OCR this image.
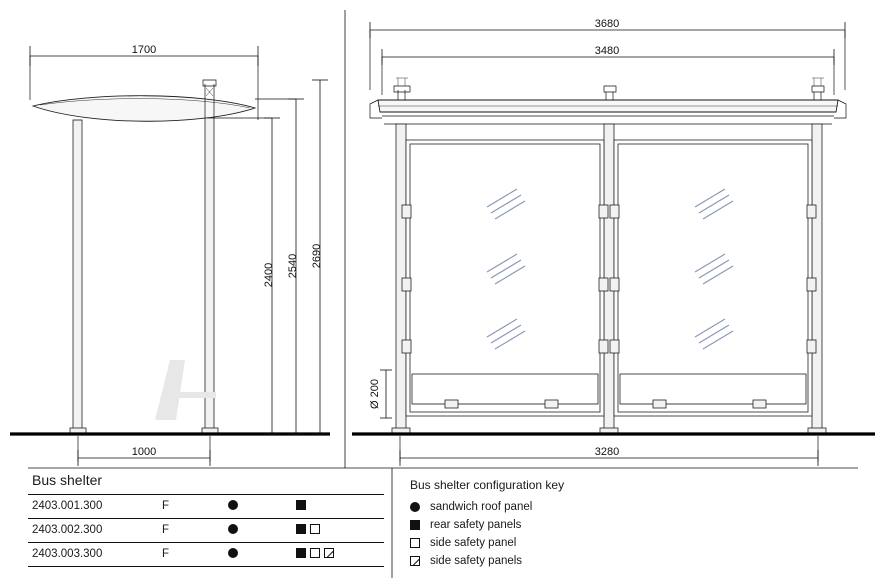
1700
1000
2400 2540 2690
3680
3480
3280
Ø 200
Bus shelter
2403.001.300	F
2403.002.300	F
2403.003.300	F
Bus shelter configuration key
sandwich roof panel
rear safety panels
side safety panel
side safety panels
